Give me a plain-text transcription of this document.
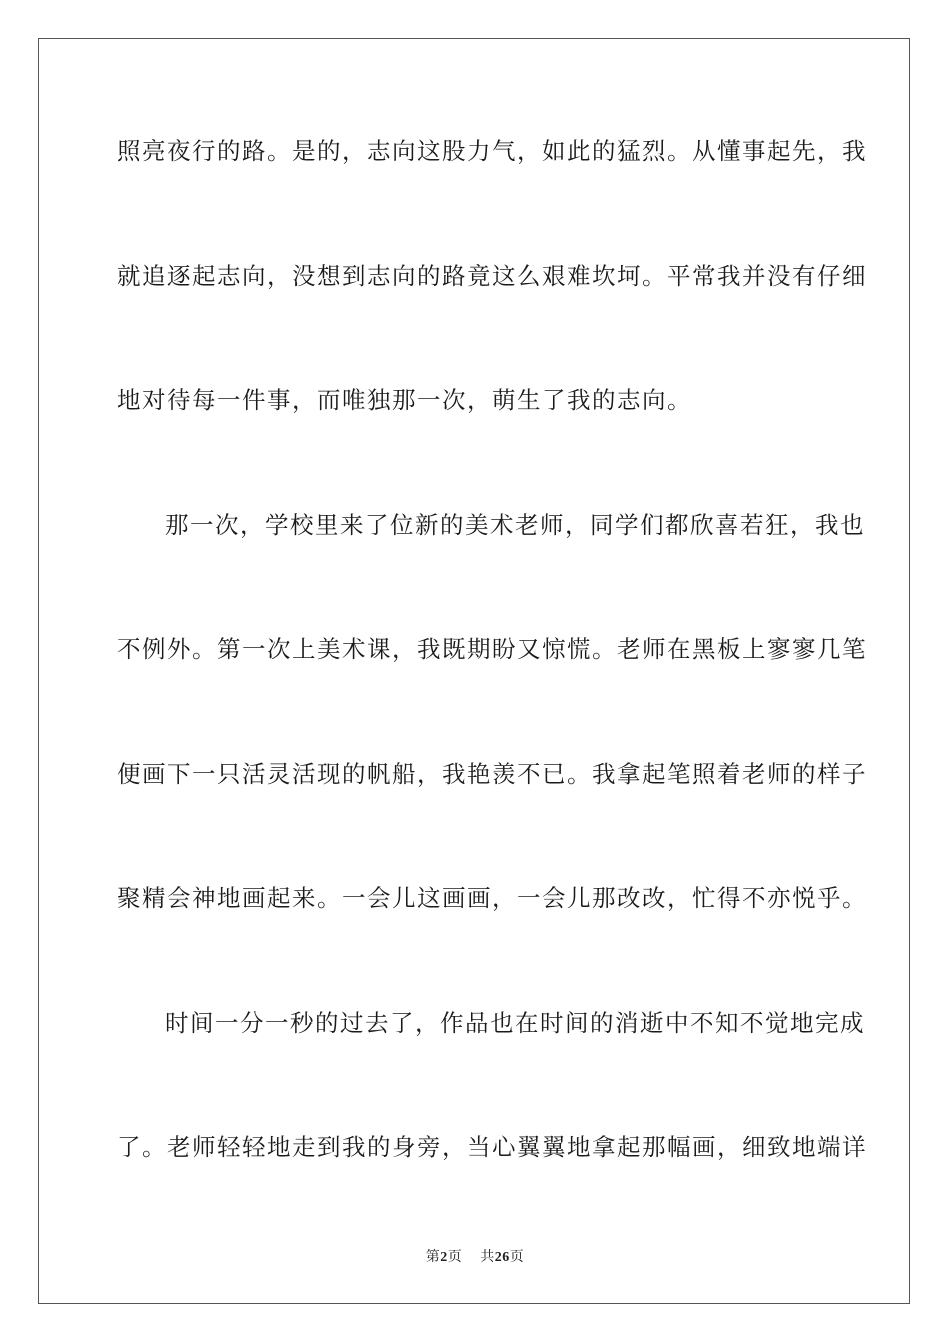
照亮夜行的路。是的，志向这股力气，如此的猛烈。从懂事起先，我
就追逐起志向，没想到志向的路竟这么艰难坎坷。平常我并没有仔细
地对待每一件事，而唯独那一次，萌生了我的志向。
那一次，学校里来了位新的美术老师，同学们都欣喜若狂，我也
不例外。第一次上美术课，我既期盼又惊慌。老师在黑板上寥寥几笔
便画下一只活灵活现的帆船，我艳羡不已。我拿起笔照着老师的样子
聚精会神地画起来。一会儿这画画，一会儿那改改，忙得不亦悦乎。
时间一分一秒的过去了，作品也在时间的消逝中不知不觉地完成
了。老师轻轻地走到我的身旁，当心翼翼地拿起那幅画，细致地端详
第2页 共26页
